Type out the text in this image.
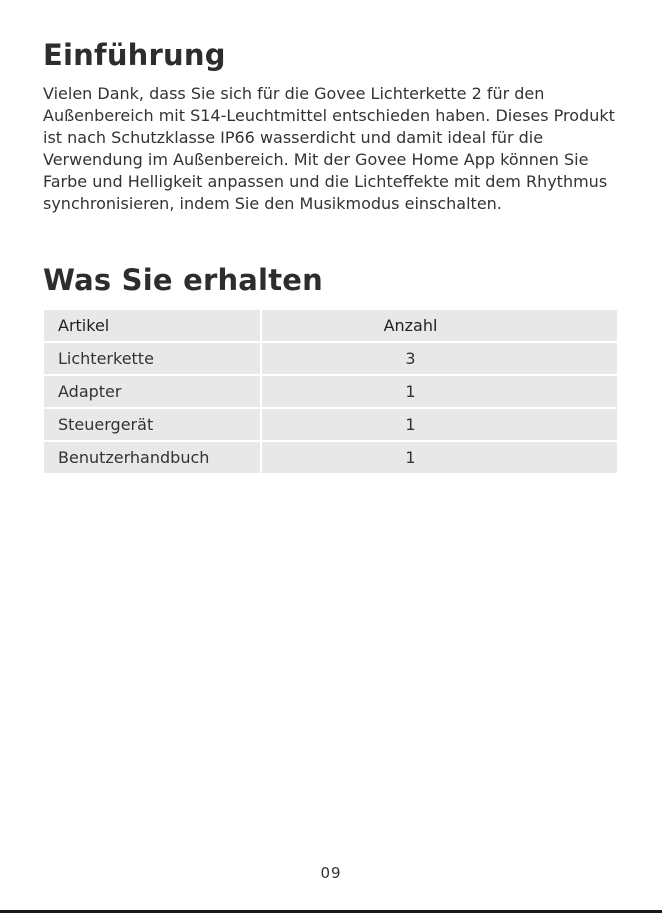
Einführung

Vielen Dank, dass Sie sich für die Govee Lichterkette 2 für den Außenbereich mit S14-Leuchtmittel entschieden haben. Dieses Produkt ist nach Schutzklasse IP66 wasserdicht und damit ideal für die Verwendung im Außenbereich. Mit der Govee Home App können Sie Farbe und Helligkeit anpassen und die Lichteffekte mit dem Rhythmus synchronisieren, indem Sie den Musikmodus einschalten.

Was Sie erhalten
Artikel	Anzahl
Lichterkette	3
Adapter	1
Steuergerät	1
Benutzerhandbuch	1
09
